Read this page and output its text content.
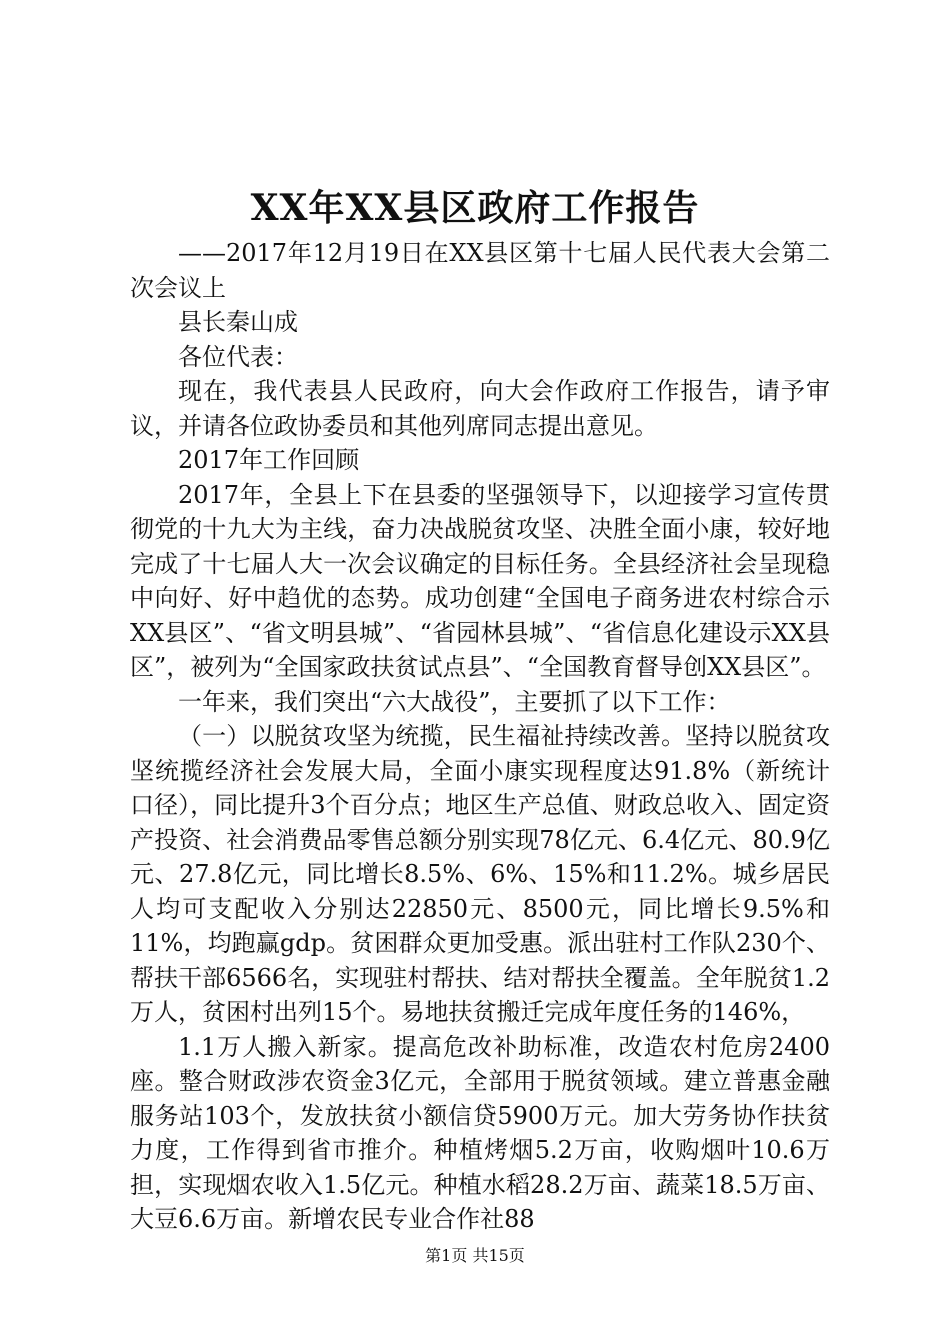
XX年XX县区政府工作报告

——2017年12月19日在XX县区第十七届人民代表大会第二次会议上

县长秦山成

各位代表：

现在，我代表县人民政府，向大会作政府工作报告，请予审议，并请各位政协委员和其他列席同志提出意见。

2017年工作回顾

2017年，全县上下在县委的坚强领导下，以迎接学习宣传贯彻党的十九大为主线，奋力决战脱贫攻坚、决胜全面小康，较好地完成了十七届人大一次会议确定的目标任务。全县经济社会呈现稳中向好、好中趋优的态势。成功创建“全国电子商务进农村综合示XX县区”、“省文明县城”、“省园林县城”、“省信息化建设示XX县区”，被列为“全国家政扶贫试点县”、“全国教育督导创XX县区”。

一年来，我们突出“六大战役”，主要抓了以下工作：

（一）以脱贫攻坚为统揽，民生福祉持续改善。坚持以脱贫攻坚统揽经济社会发展大局，全面小康实现程度达91.8%（新统计口径），同比提升3个百分点；地区生产总值、财政总收入、固定资产投资、社会消费品零售总额分别实现78亿元、6.4亿元、80.9亿元、27.8亿元，同比增长8.5%、6%、15%和11.2%。城乡居民人均可支配收入分别达22850元、8500元，同比增长9.5%和11%，均跑赢gdp。贫困群众更加受惠。派出驻村工作队230个、帮扶干部6566名，实现驻村帮扶、结对帮扶全覆盖。全年脱贫1.2万人，贫困村出列15个。易地扶贫搬迁完成年度任务的146%，

1.1万人搬入新家。提高危改补助标准，改造农村危房2400座。整合财政涉农资金3亿元，全部用于脱贫领域。建立普惠金融服务站103个，发放扶贫小额信贷5900万元。加大劳务协作扶贫力度，工作得到省市推介。种植烤烟5.2万亩，收购烟叶10.6万担，实现烟农收入1.5亿元。种植水稻28.2万亩、蔬菜18.5万亩、大豆6.6万亩。新增农民专业合作社88

第1页 共15页
